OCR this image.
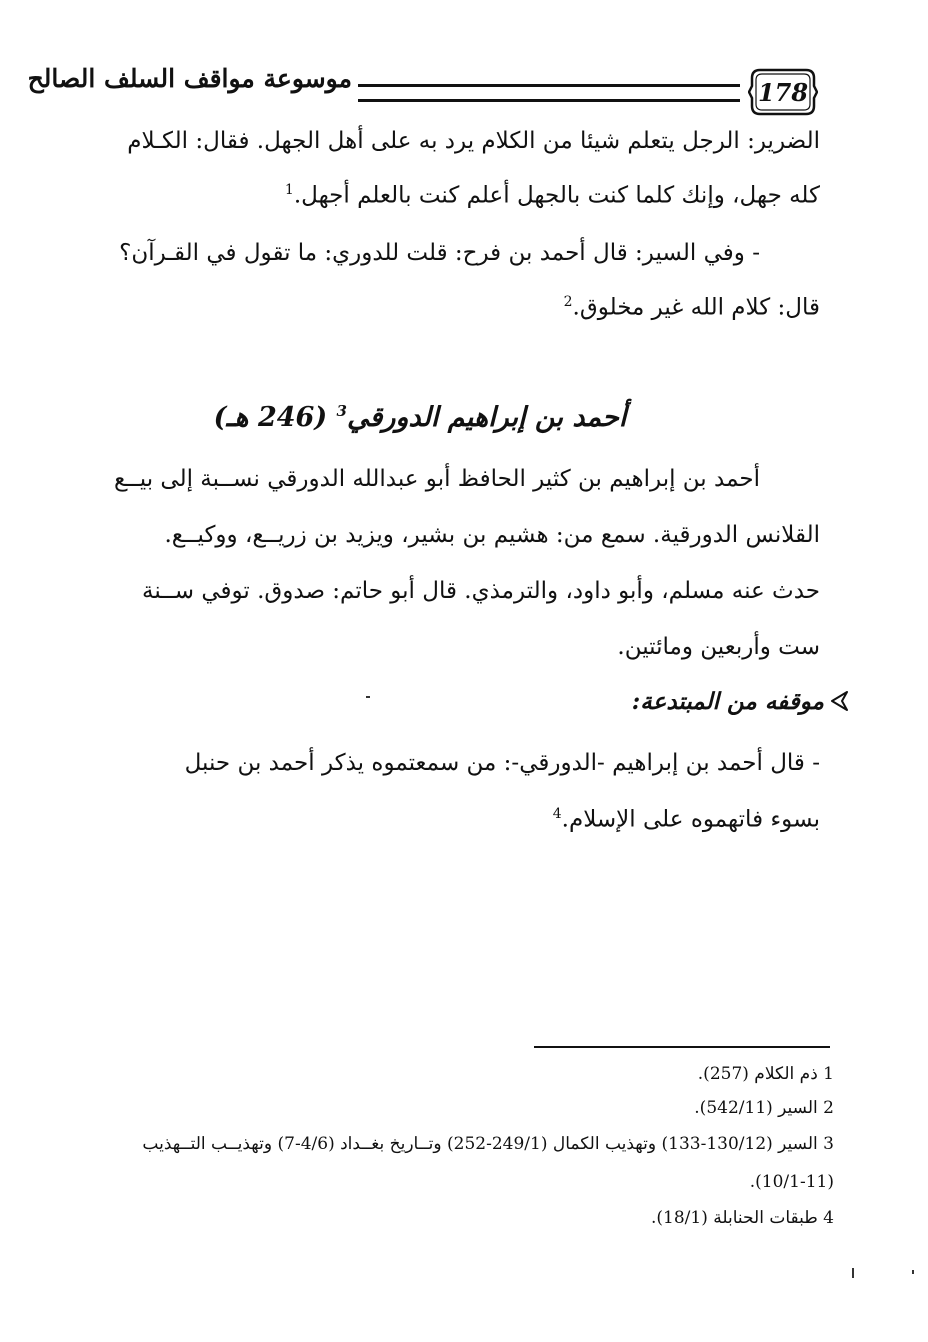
موسوعة مواقف السلف الصالح	178
الضرير: الرجل يتعلم شيئا من الكلام يرد به على أهل الجهل. فقال: الكـلام
كله جهل، وإنك كلما كنت بالجهل أعلم كنت بالعلم أجهل.$^1$
- وفي السير: قال أحمد بن فرح: قلت للدوري: ما تقول في القـرآن؟
قال: كلام الله غير مخلوق.$^2$
أحمد بن إبراهيم الدورقي$^3$ (246 هـ)
أحمد بن إبراهيم بن كثير الحافظ أبو عبدالله الدورقي نســبة إلى بيــع
القلانس الدورقية. سمع من: هشيم بن بشير، ويزيد بن زريــع، ووكيــع.
حدث عنه مسلم، وأبو داود، والترمذي. قال أبو حاتم: صدوق. توفي ســنة
ست وأربعين ومائتين.
موقفه من المبتدعة:
- قال أحمد بن إبراهيم -الدورقي-: من سمعتموه يذكر أحمد بن حنبل
بسوء فاتهموه على الإسلام.$^4$
1 ذم الكلام (257).
2 السير (542/11).
3 السير (130/12-133) وتهذيب الكمال (249/1-252) وتــاريخ بغــداد (4/6-7) وتهذيــب التــهذيب
(10/1-11).
4 طبقات الحنابلة (18/1).
